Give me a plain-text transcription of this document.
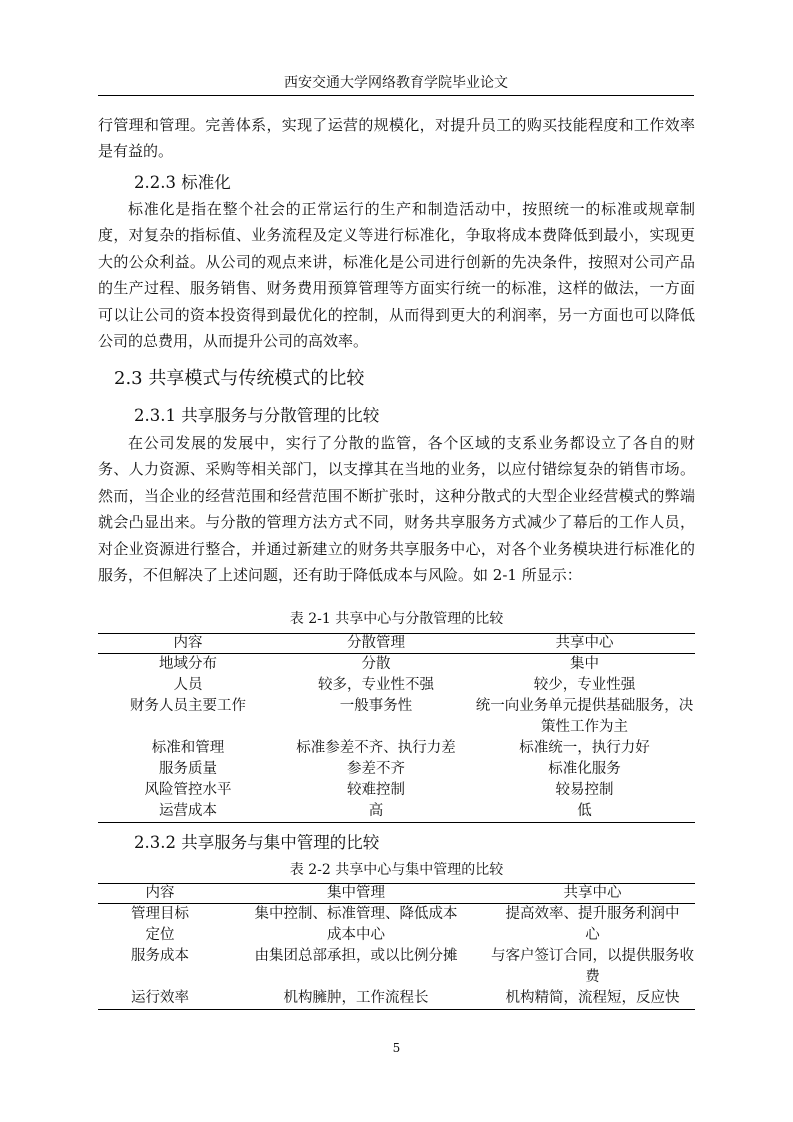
西安交通大学网络教育学院毕业论文

行管理和管理。完善体系，实现了运营的规模化，对提升员工的购买技能程度和工作效率是有益的。

2.2.3 标准化

标准化是指在整个社会的正常运行的生产和制造活动中，按照统一的标准或规章制度，对复杂的指标值、业务流程及定义等进行标准化，争取将成本费降低到最小，实现更大的公众利益。从公司的观点来讲，标准化是公司进行创新的先决条件，按照对公司产品的生产过程、服务销售、财务费用预算管理等方面实行统一的标准，这样的做法，一方面可以让公司的资本投资得到最优化的控制，从而得到更大的利润率，另一方面也可以降低公司的总费用，从而提升公司的高效率。

2.3 共享模式与传统模式的比较
2.3.1 共享服务与分散管理的比较

在公司发展的发展中，实行了分散的监管，各个区域的支系业务都设立了各自的财务、人力资源、采购等相关部门，以支撑其在当地的业务，以应付错综复杂的销售市场。然而，当企业的经营范围和经营范围不断扩张时，这种分散式的大型企业经营模式的弊端就会凸显出来。与分散的管理方法方式不同，财务共享服务方式减少了幕后的工作人员，对企业资源进行整合，并通过新建立的财务共享服务中心，对各个业务模块进行标准化的服务，不但解决了上述问题，还有助于降低成本与风险。如 2-1 所显示：

表 2-1 共享中心与分散管理的比较
内容	分散管理	共享中心
地域分布	分散	集中
人员	较多，专业性不强	较少，专业性强
财务人员主要工作	一般事务性	统一向业务单元提供基础服务，决策性工作为主
标准和管理	标准参差不齐、执行力差	标准统一，执行力好
服务质量	参差不齐	标准化服务
风险管控水平	较难控制	较易控制
运营成本	高	低
2.3.2 共享服务与集中管理的比较
表 2-2 共享中心与集中管理的比较
内容	集中管理	共享中心
管理目标定位	集中控制、标准管理、降低成本成本中心	提高效率、提升服务利润中心
服务成本	由集团总部承担，或以比例分摊	与客户签订合同，以提供服务收费
运行效率	机构臃肿，工作流程长	机构精简，流程短，反应快
5
